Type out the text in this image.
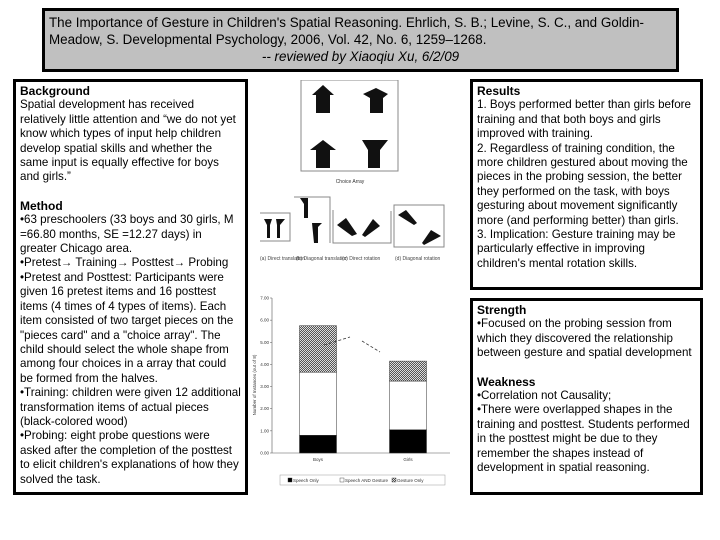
The Importance of Gesture in Children's Spatial Reasoning. Ehrlich, S. B.; Levine, S. C., and Goldin-

Meadow, S. Developmental Psychology, 2006, Vol. 42, No. 6, 1259–1268.

-- reviewed by Xiaoqiu Xu, 6/2/09

Background

Spatial development has received relatively little attention and “we do not yet know which types of input help children develop spatial skills and whether the same input is equally effective for boys and girls.”

Method

•63 preschoolers (33 boys and 30 girls, M =66.80 months, SE =12.27 days) in greater Chicago area.

•Pretest→ Training→ Posttest→ Probing

•Pretest and Posttest: Participants were given 16 pretest items and 16 posttest items (4 times of 4 types of items). Each item consisted of two target pieces on the "pieces card" and a "choice array". The child should select the whole shape from among four choices in a array that could be formed from the halves.

•Training: children were given 12 additional transformation items of actual pieces (black-colored wood)

•Probing: eight probe questions were asked after the completion of the posttest to elicit children's explanations of how they solved the task.

Choice Array
(a) Direct translation
(b) Diagonal translation
(c) Direct rotation	(d) Diagonal rotation
Number of Instances (out of 8)
0.00
1.00
2.00
3.00
4.00
5.00
6.00
7.00
Boys	Girls
Speech Only	Speech AND Gesture Gesture Only
Results

1. Boys performed better than girls before training and that both boys and girls improved with training.

2. Regardless of training condition, the more children gestured about moving the pieces in the probing session, the better they performed on the task, with boys gesturing about movement significantly more (and performing better) than girls.

3. Implication: Gesture training may be particularly effective in improving children's mental rotation skills.

Strength

•Focused on the probing session from which they discovered the relationship between gesture and spatial development

Weakness

•Correlation not Causality;

•There were overlapped shapes in the training and posttest. Students performed in the posttest might be due to they remember the shapes instead of development in spatial reasoning.
